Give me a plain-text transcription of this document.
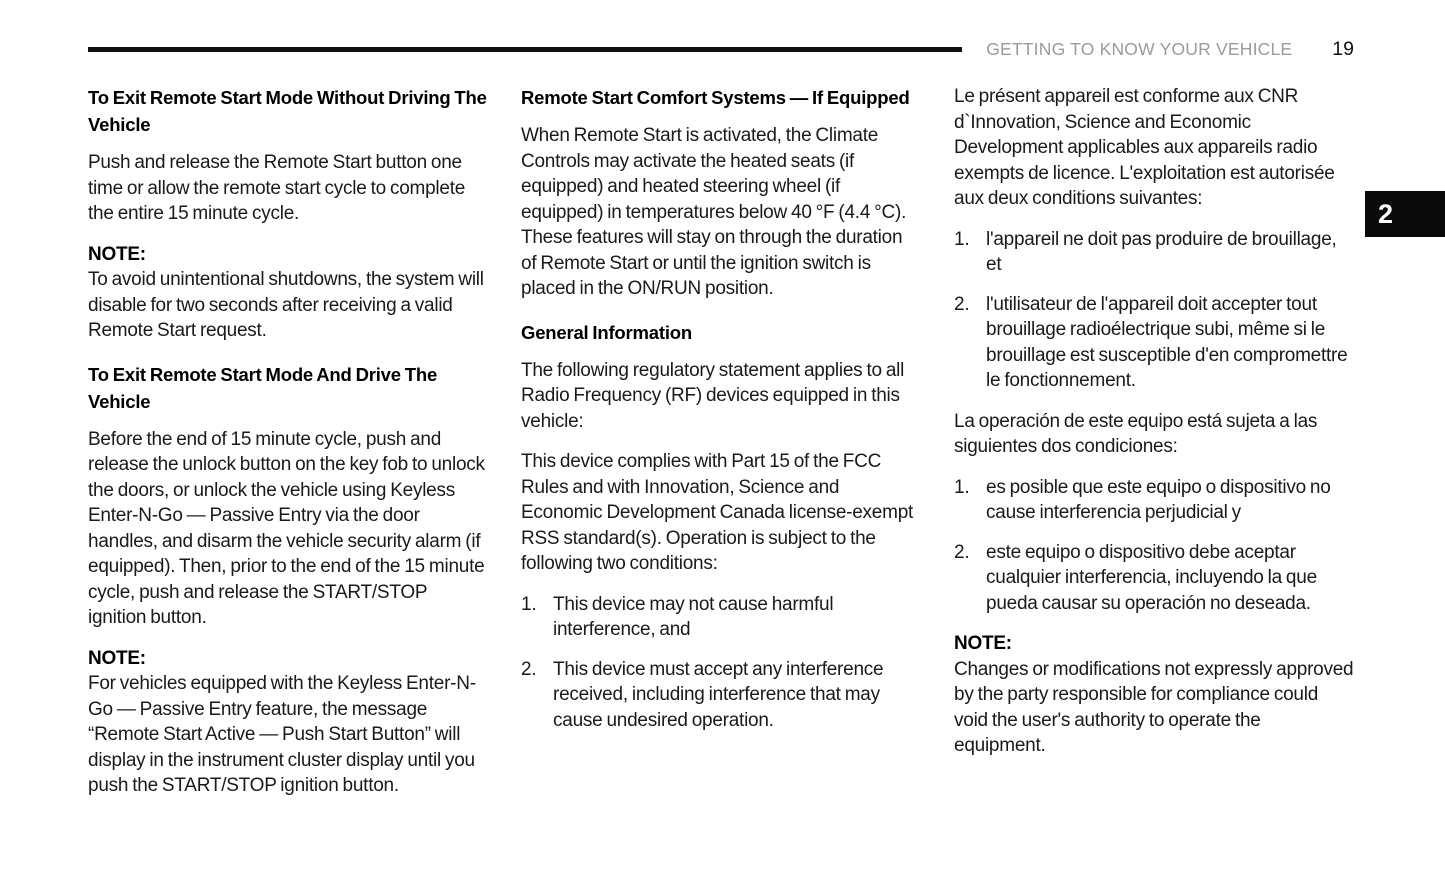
GETTING TO KNOW YOUR VEHICLE 19
2
To Exit Remote Start Mode Without Driving The Vehicle

Push and release the Remote Start button one time or allow the remote start cycle to complete the entire 15 minute cycle.

NOTE:
To avoid unintentional shutdowns, the system will disable for two seconds after receiving a valid Remote Start request.
To Exit Remote Start Mode And Drive The Vehicle

Before the end of 15 minute cycle, push and release the unlock button on the key fob to unlock the doors, or unlock the vehicle using Keyless Enter-N-Go — Passive Entry via the door handles, and disarm the vehicle security alarm (if equipped). Then, prior to the end of the 15 minute cycle, push and release the START/STOP ignition button.

NOTE:
For vehicles equipped with the Keyless Enter-N-Go — Passive Entry feature, the message “Remote Start Active — Push Start Button” will display in the instrument cluster display until you push the START/STOP ignition button.
Remote Start Comfort Systems — If Equipped

When Remote Start is activated, the Climate Controls may activate the heated seats (if equipped) and heated steering wheel (if equipped) in temperatures below 40 °F (4.4 °C). These features will stay on through the duration of Remote Start or until the ignition switch is placed in the ON/RUN position.

General Information

The following regulatory statement applies to all Radio Frequency (RF) devices equipped in this vehicle:

This device complies with Part 15 of the FCC Rules and with Innovation, Science and Economic Development Canada license-exempt RSS standard(s). Operation is subject to the following two conditions:

1. This device may not cause harmful interference, and
2. This device must accept any interference received, including interference that may cause undesired operation.

Le présent appareil est conforme aux CNR d`Innovation, Science and Economic Development applicables aux appareils radio exempts de licence. L'exploitation est autorisée aux deux conditions suivantes:

1. l'appareil ne doit pas produire de brouillage, et
2. l'utilisateur de l'appareil doit accepter tout brouillage radioélectrique subi, même si le brouillage est susceptible d'en compromettre le fonctionnement.

La operación de este equipo está sujeta a las siguientes dos condiciones:

1. es posible que este equipo o dispositivo no cause interferencia perjudicial y
2. este equipo o dispositivo debe aceptar cualquier interferencia, incluyendo la que pueda causar su operación no deseada.
NOTE:
Changes or modifications not expressly approved by the party responsible for compliance could void the user's authority to operate the equipment.
